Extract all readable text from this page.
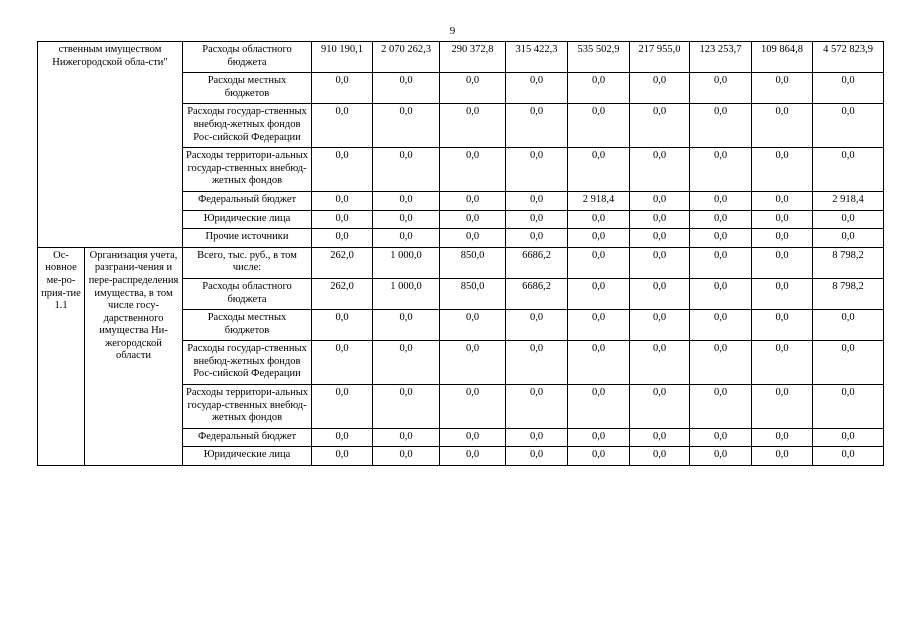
9
ственным имуществом Нижегородской обла-сти"		Расходы областного бюджета	910 190,1	2 070 262,3	290 372,8	315 422,3	535 502,9	217 955,0	123 253,7	109 864,8	4 572 823,9
		Расходы местных бюджетов	0,0	0,0	0,0	0,0	0,0	0,0	0,0	0,0	0,0
		Расходы государ-ственных внебюд-жетных фондов Рос-сийской Федерации	0,0	0,0	0,0	0,0	0,0	0,0	0,0	0,0	0,0
		Расходы территори-альных государ-ственных внебюд-жетных фондов	0,0	0,0	0,0	0,0	0,0	0,0	0,0	0,0	0,0
		Федеральный бюджет	0,0	0,0	0,0	0,0	2 918,4	0,0	0,0	0,0	2 918,4
		Юридические лица	0,0	0,0	0,0	0,0	0,0	0,0	0,0	0,0	0,0
		Прочие источники	0,0	0,0	0,0	0,0	0,0	0,0	0,0	0,0	0,0
Ос-новное ме-ро-прия-тие 1.1	Организация учета, разграни-чения и пере-распределения имущества, в том числе госу-дарственного имущества Ни-жегородской области	Всего, тыс. руб., в том числе:	262,0	1 000,0	850,0	6686,2	0,0	0,0	0,0	0,0	8 798,2
		Расходы областного бюджета	262,0	1 000,0	850,0	6686,2	0,0	0,0	0,0	0,0	8 798,2
		Расходы местных бюджетов	0,0	0,0	0,0	0,0	0,0	0,0	0,0	0,0	0,0
		Расходы государ-ственных внебюд-жетных фондов Рос-сийской Федерации	0,0	0,0	0,0	0,0	0,0	0,0	0,0	0,0	0,0
		Расходы территори-альных государ-ственных внебюд-жетных фондов	0,0	0,0	0,0	0,0	0,0	0,0	0,0	0,0	0,0
		Федеральный бюджет	0,0	0,0	0,0	0,0	0,0	0,0	0,0	0,0	0,0
		Юридические лица	0,0	0,0	0,0	0,0	0,0	0,0	0,0	0,0	0,0
